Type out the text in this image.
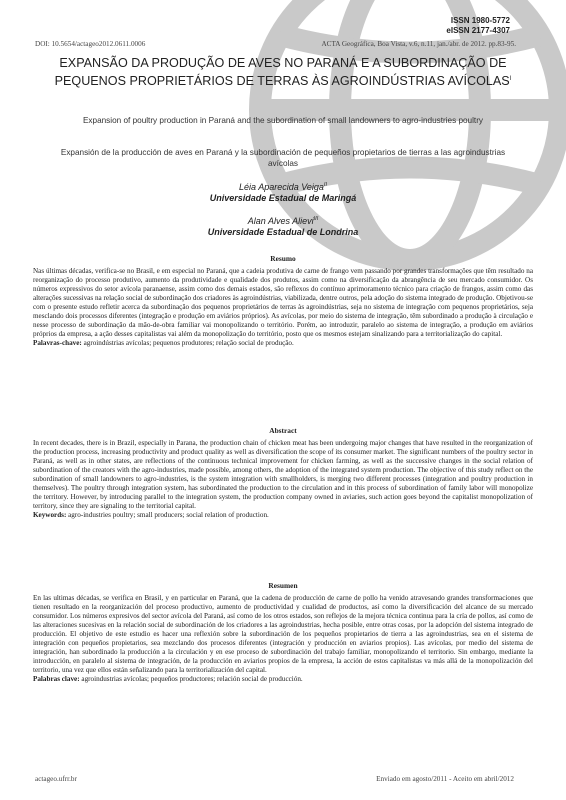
ISSN 1980-5772
eISSN 2177-4307
DOI: 10.5654/actageo2012.0611.0006	ACTA Geográfica, Boa Vista, v.6, n.11, jan./abr. de 2012. pp.83-95.
EXPANSÃO DA PRODUÇÃO DE AVES NO PARANÁ E A SUBORDINAÇÃO DE PEQUENOS PROPRIETÁRIOS DE TERRAS ÀS AGROINDÚSTRIAS $AVÍCOLAS^I$
Expansion of poultry production in Paraná and the subordination of small landowners to agro-industries poultry
Expansión de la producción de aves en Paraná y la subordinación de pequeños propietarios de tierras a las agroindustrias avícolas
Léia Aparecida Veiga$^{II}$
Universidade Estadual de Maringá
Alan Alves Alievi$^{III}$
Universidade Estadual de Londrina
Resumo

Nas últimas décadas, verifica-se no Brasil, e em especial no Paraná, que a cadeia produtiva de carne de frango vem passando por grandes transformações que têm resultado na reorganização do processo produtivo, aumento da produtividade e qualidade dos produtos, assim como na diversificação da abrangência de seu mercado consumidor. Os números expressivos do setor avícola paranaense, assim como dos demais estados, são reflexos do contínuo aprimoramento técnico para criação de frangos, assim como das alterações sucessivas na relação social de subordinação dos criadores às agroindústrias, viabilizada, dentre outros, pela adoção do sistema integrado de produção. Objetivou-se com o presente estudo refletir acerca da subordinação dos pequenos proprietários de terras às agroindústrias, seja no sistema de integração com pequenos proprietários, seja mesclando dois processos diferentes (integração e produção em aviários próprios). As avícolas, por meio do sistema de integração, têm subordinado a produção à circulação e nesse processo de subordinação da mão-de-obra familiar vai monopolizando o território. Porém, ao introduzir, paralelo ao sistema de integração, a produção em aviários próprios da empresa, a ação desses capitalistas vai além da monopolização do território, posto que os mesmos estejam sinalizando para a territorialização do capital.

Palavras-chave: agroindústrias avícolas; pequenos produtores; relação social de produção.

Abstract

In recent decades, there is in Brazil, especially in Parana, the production chain of chicken meat has been undergoing major changes that have resulted in the reorganization of the production process, increasing productivity and product quality as well as diversification the scope of its consumer market. The significant numbers of the poultry sector in Paraná, as well as in other states, are reflections of the continuous technical improvement for chicken farming, as well as the successive changes in the social relation of subordination of the creators with the agro-industries, made possible, among others, the adoption of the integrated system production. The objective of this study reflect on the subordination of small landowners to agro-industries, is the system integration with smallholders, is merging two different processes (integration and poultry production in themselves). The poultry through integration system, has subordinated the production to the circulation and in this process of subordination of family labor will monopolize the territory. However, by introducing parallel to the integration system, the production company owned in aviaries, such action goes beyond the capitalist monopolization of territory, since they are signaling to the territorial capital.

Keywords: agro-industries poultry; small producers; social relation of production.

Resumen

En las ultimas décadas, se verifica en Brasil, y en particular en Paraná, que la cadena de producción de carne de pollo ha venido atravesando grandes transformaciones que tienen resultado en la reorganización del proceso productivo, aumento de productividad y cualidad de productos, así como la diversificación del alcance de su mercado consumidor. Los números expresivos del sector avícola del Paraná, así como de los otros estados, son reflejos de la mejora técnica continua para la cría de pollos, así como de las alteraciones sucesivas en la relación social de subordinación de los criadores a las agroindustrias, hecha posible, entre otras cosas, por la adopción del sistema integrado de producción. El objetivo de este estudio es hacer una reflexión sobre la subordinación de los pequeños propietarios de tierra a las agroindustrias, sea en el sistema de integración con pequeños propietarios, sea mezclando dos procesos diferentes (integración y producción en aviarios propios). Las avícolas, por medio del sistema de integración, han subordinado la producción a la circulación y en ese proceso de subordinación del trabajo familiar, monopolizando el territorio. Sin embargo, mediante la introducción, en paralelo al sistema de integración, de la producción en aviarios propios de la empresa, la acción de estos capitalistas va más allá de la monopolización del territorio, una vez que ellos están señalizando para la territorialización del capital.

Palabras clave: agroindustrias avícolas; pequeños productores; relación social de producción.

actageo.ufrr.br	Enviado em agosto/2011 - Aceito em abril/2012
